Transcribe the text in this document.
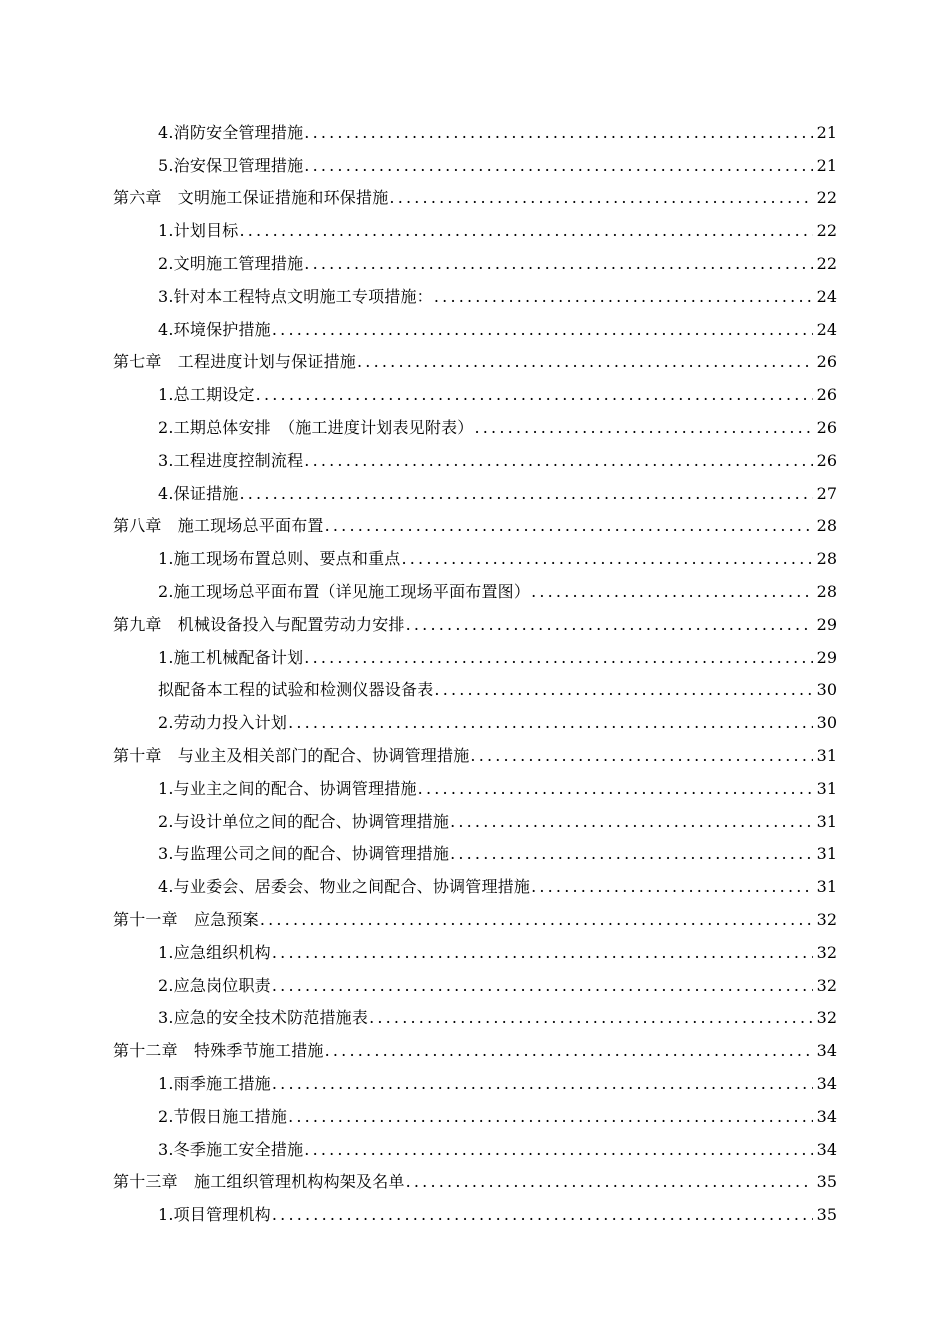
4.消防安全管理措施 .....	21
5.治安保卫管理措施 .....	21
第六章　文明施工保证措施和环保措施 .....	22
1.计划目标 .....	22
2.文明施工管理措施 .....	22
3.针对本工程特点文明施工专项措施： .....	24
4.环境保护措施 .....	24
第七章　工程进度计划与保证措施 .....	26
1.总工期设定 .....	26
2.工期总体安排　（施工进度计划表见附表） .....	26
3.工程进度控制流程 .....	26
4.保证措施 .....	27
第八章　施工现场总平面布置 .....	28
1.施工现场布置总则、要点和重点 .....	28
2.施工现场总平面布置（详见施工现场平面布置图） .....	28
第九章　机械设备投入与配置劳动力安排 .....	29
1.施工机械配备计划 .....	29
拟配备本工程的试验和检测仪器设备表 .....	30
2.劳动力投入计划 .....	30
第十章　与业主及相关部门的配合、协调管理措施 .....	31
1.与业主之间的配合、协调管理措施 .....	31
2.与设计单位之间的配合、协调管理措施 .....	31
3.与监理公司之间的配合、协调管理措施 .....	31
4.与业委会、居委会、物业之间配合、协调管理措施 .....	31
第十一章　应急预案 .....	32
1.应急组织机构 .....	32
2.应急岗位职责 .....	32
3.应急的安全技术防范措施表 .....	32
第十二章　特殊季节施工措施 .....	34
1.雨季施工措施 .....	34
2.节假日施工措施 .....	34
3.冬季施工安全措施 .....	34
第十三章　施工组织管理机构构架及名单 .....	35
1.项目管理机构 .....	35
